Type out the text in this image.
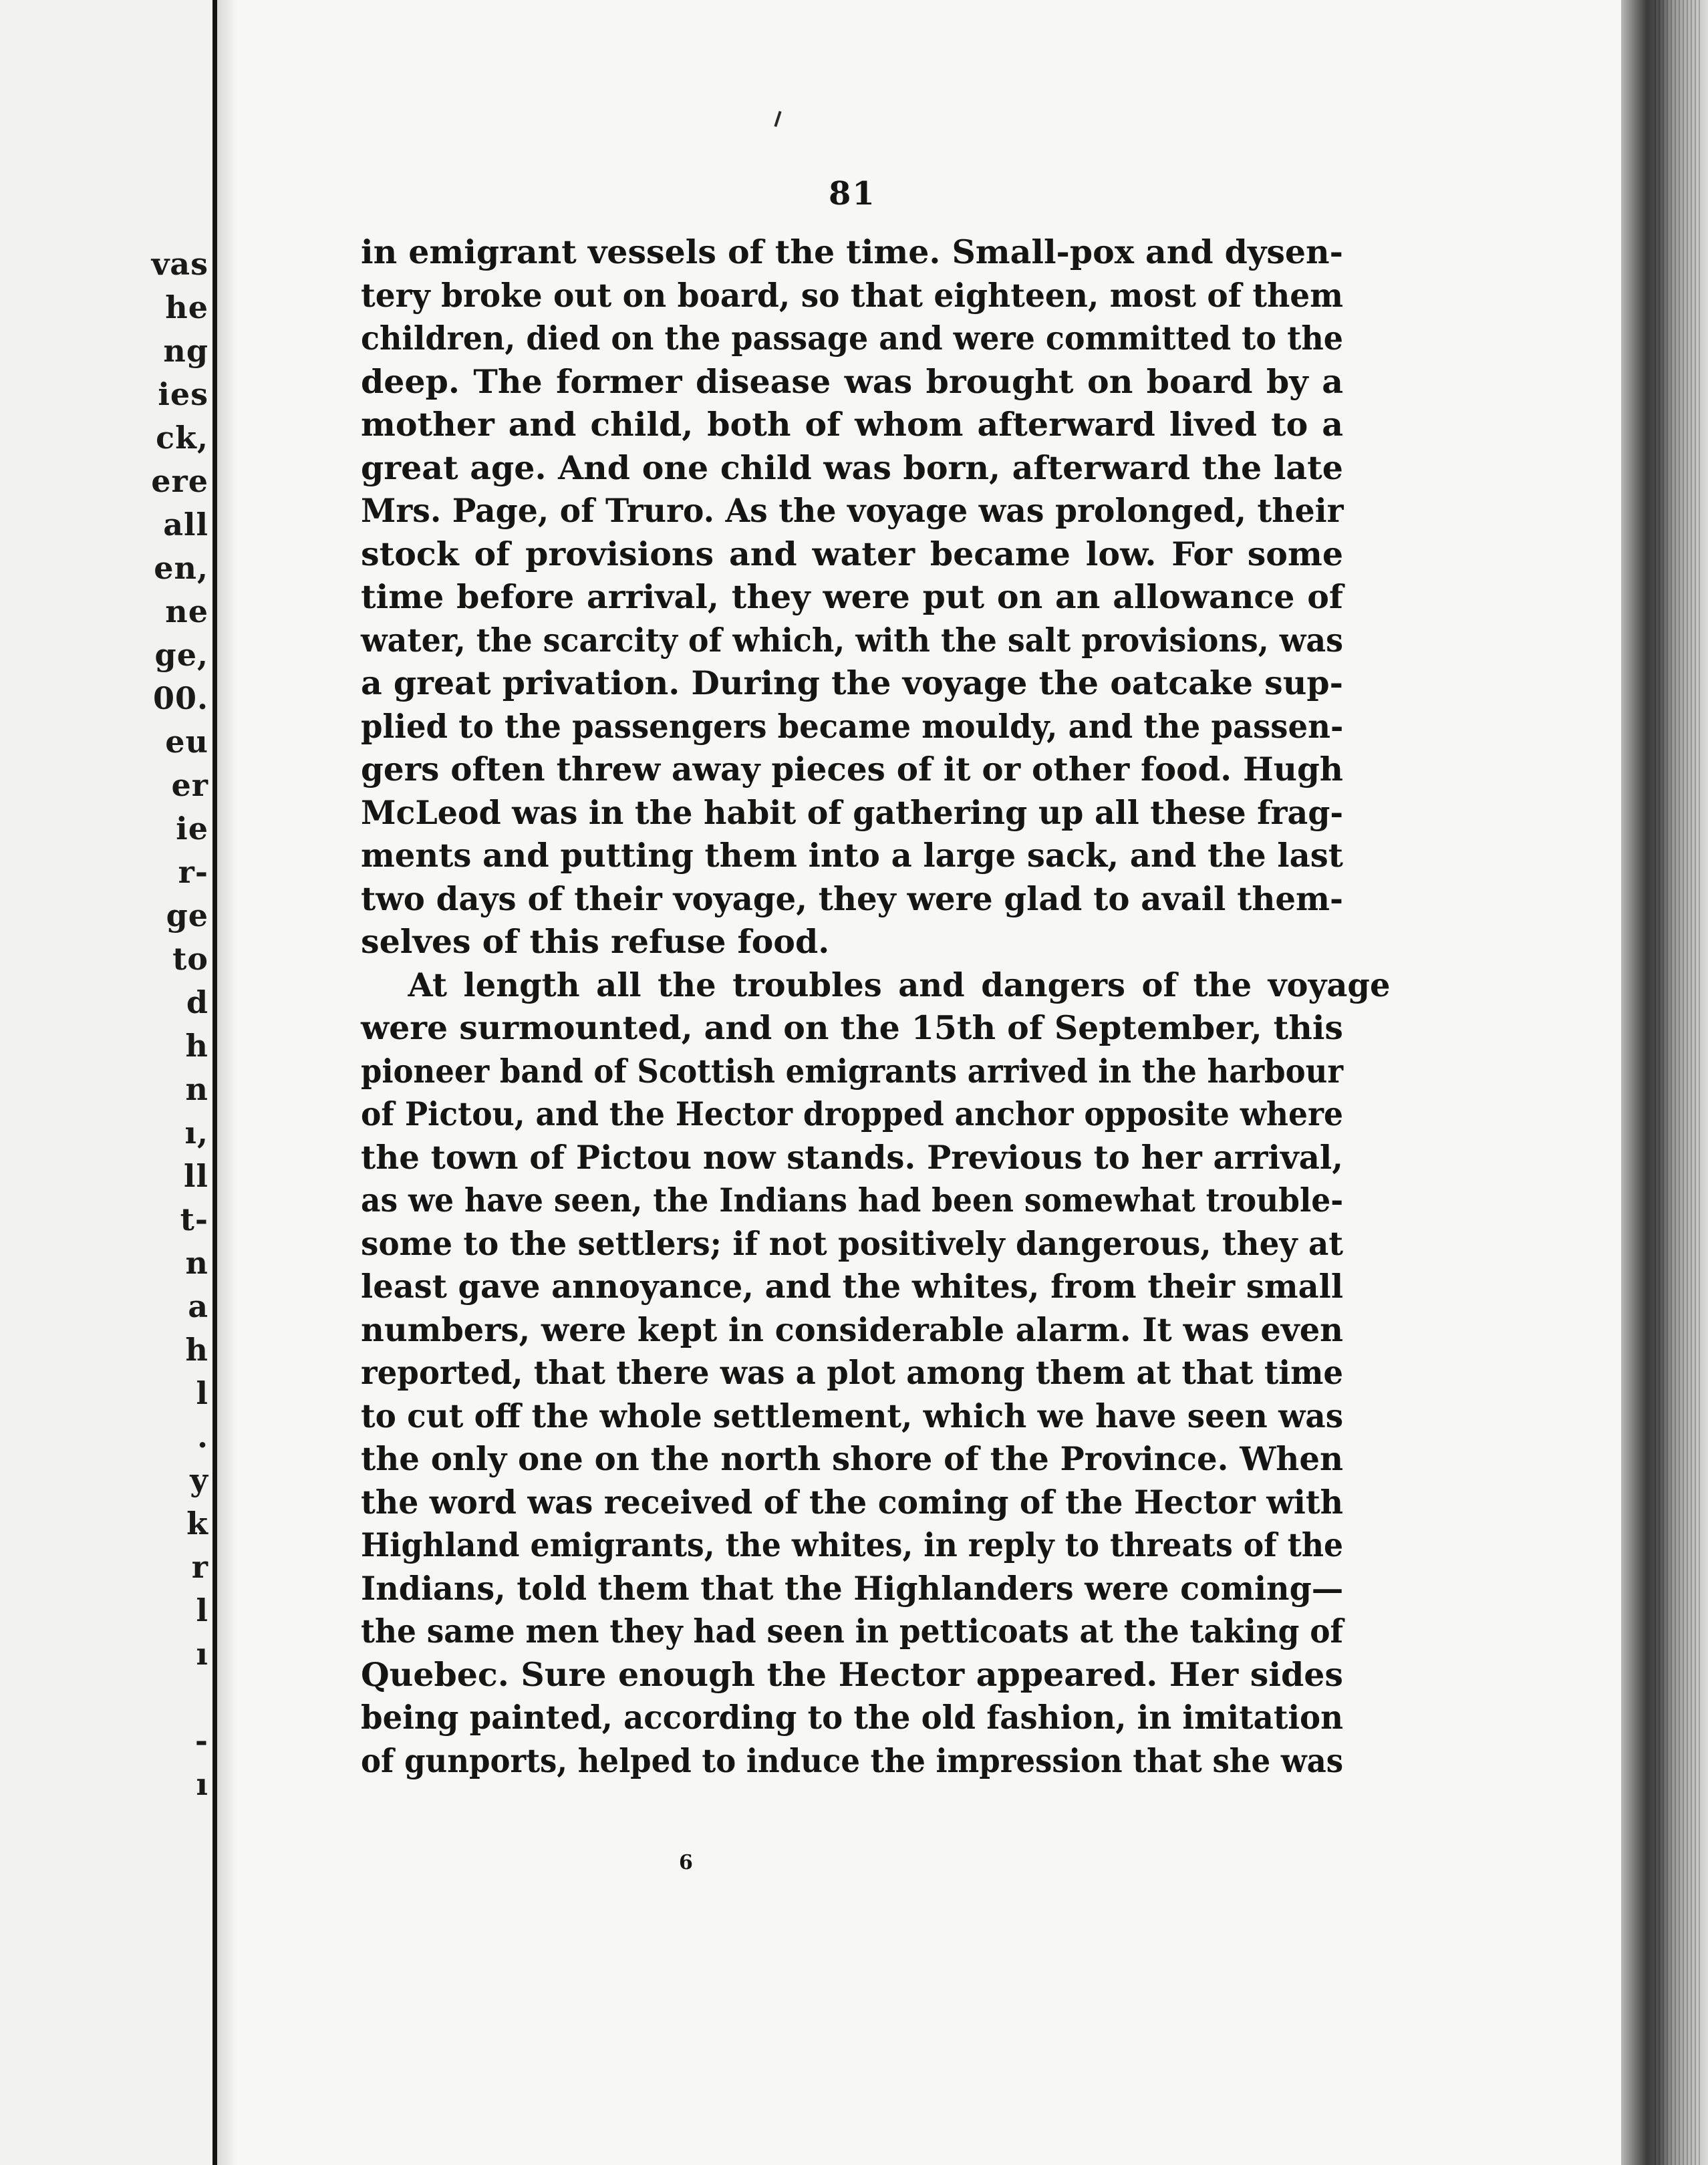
vas
he
ng
ies
ck,
ere
all
en,
ne
ge,
00.
eu
er
ie
r-
ge
to
d
h
n
ı,
ll
t-
n
a
h
l
.
y
k
r
l
ı
-
ı
81
in emigrant vessels of the time. Small-pox and dysen-
tery broke out on board, so that eighteen, most of them
children, died on the passage and were committed to the
deep. The former disease was brought on board by a
mother and child, both of whom afterward lived to a
great age. And one child was born, afterward the late
Mrs. Page, of Truro. As the voyage was prolonged, their
stock of provisions and water became low. For some
time before arrival, they were put on an allowance of
water, the scarcity of which, with the salt provisions, was
a great privation. During the voyage the oatcake sup-
plied to the passengers became mouldy, and the passen-
gers often threw away pieces of it or other food. Hugh
McLeod was in the habit of gathering up all these frag-
ments and putting them into a large sack, and the last
two days of their voyage, they were glad to avail them-
selves of this refuse food.
At length all the troubles and dangers of the voyage
were surmounted, and on the 15th of September, this
pioneer band of Scottish emigrants arrived in the harbour
of Pictou, and the Hector dropped anchor opposite where
the town of Pictou now stands. Previous to her arrival,
as we have seen, the Indians had been somewhat trouble-
some to the settlers; if not positively dangerous, they at
least gave annoyance, and the whites, from their small
numbers, were kept in considerable alarm. It was even
reported, that there was a plot among them at that time
to cut off the whole settlement, which we have seen was
the only one on the north shore of the Province. When
the word was received of the coming of the Hector with
Highland emigrants, the whites, in reply to threats of the
Indians, told them that the Highlanders were coming—
the same men they had seen in petticoats at the taking of
Quebec. Sure enough the Hector appeared. Her sides
being painted, according to the old fashion, in imitation
of gunports, helped to induce the impression that she was
6
